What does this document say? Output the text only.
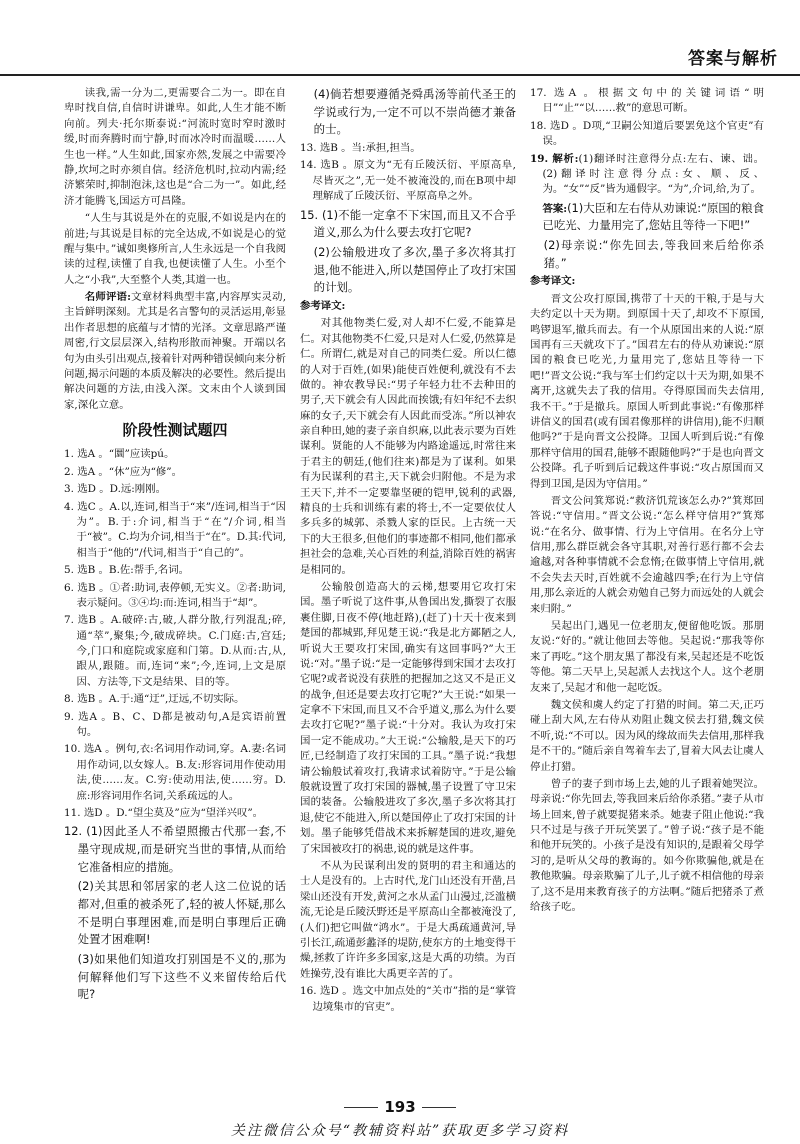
答案与解析

读我,需一分为二,更需要合二为一。即在自卑时找自信,自信时讲谦卑。如此,人生才能不断向前。列夫·托尔斯泰说:“河流时宽时窄时激时缓,时而奔腾时而宁静,时而冰冷时而温暖……人生也一样。”人生如此,国家亦然,发展之中需要冷静,坎坷之时亦须自信。经济危机时,拉动内需;经济繁荣时,抑制泡沫,这也是“合二为一”。如此,经济才能腾飞,国运方可昌隆。

“人生与其说是外在的克服,不如说是内在的前进;与其说是目标的完全达成,不如说是心的觉醒与集中。”诚如奥修所言,人生永远是一个自我阅读的过程,读懂了自我,也便读懂了人生。小至个人之“小我”,大至整个人类,其道一也。

名师评语:文章材料典型丰富,内容厚实灵动,主旨鲜明深刻。尤其是名言警句的灵活运用,彰显出作者思想的底蕴与才情的光泽。文章思路严谨周密,行文层层深入,结构形散而神聚。开端以名句为由头引出观点,接着针对两种错误倾向来分析问题,揭示问题的本质及解决的必要性。然后提出解决问题的方法,由浅入深。文末由个人谈到国家,深化立意。

阶段性测试题四

1. 选A 。“圜”应读pú。

2. 选A 。“休”应为“修”。

3. 选D 。D.远:刚刚。

4. 选C 。A.以,连词,相当于“来”/连词,相当于“因为”。B.于:介词,相当于“在”/介词,相当于“被”。C.均为介词,相当于“在”。D.其:代词,相当于“他的”/代词,相当于“自己的”。

5. 选B 。B.佐:帮手,名词。

6. 选B 。①者:助词,表停顿,无实义。②者:助词,表示疑问。③④均:而:连词,相当于“却”。

7. 选B 。A.破碎:古,破,人群分散,行列混乱;碎,通“萃”,聚集;今,破成碎块。C.门庭:古,宫廷;今,门口和庭院或家庭和门第。D.从而:古,从,跟从,跟随。而,连词“来”;今,连词,上文是原因、方法等,下文是结果、目的等。

8. 选B 。A.于:通“迂”,迂远,不切实际。

9. 选A 。B、C、D都是被动句,A是宾语前置句。

10. 选A 。例句,衣:名词用作动词,穿。A.妻:名词用作动词,以女嫁人。B.友:形容词用作使动用法,使……友。C.穷:使动用法,使……穷。D.庶:形容词用作名词,关系疏远的人。

11. 选D 。D.“望尘莫及”应为“望洋兴叹”。

12. (1)因此圣人不希望照搬古代那一套,不墨守现成规,而是研究当世的事情,从而给它准备相应的措施。

(2)关其思和邻居家的老人这二位说的话都对,但重的被杀死了,轻的被人怀疑,那么不是明白事理困难,而是明白事理后正确处置才困难啊!

(3)如果他们知道攻打别国是不义的,那为何解释他们写下这些不义来留传给后代呢?

(4)倘若想要遵循尧舜禹汤等前代圣王的学说或行为,一定不可以不崇尚德才兼备的士。

13. 选B 。当:承担,担当。

14. 选B 。原文为“无有丘陵沃衍、平原高阜,尽皆灭之”,无一处不被淹没的,而在B项中却理解成了丘陵沃衍、平原高阜之外。

15. (1)不能一定拿不下宋国,而且又不合乎道义,那么为什么要去攻打它呢?

(2)公输般进攻了多次,墨子多次将其打退,他不能进入,所以楚国停止了攻打宋国的计划。

参考译文:

对其他物类仁爱,对人却不仁爱,不能算是仁。对其他物类不仁爱,只是对人仁爱,仍然算是仁。所谓仁,就是对自己的同类仁爱。所以仁德的人对于百姓,(如果)能使百姓便利,就没有不去做的。神农教导民:“男子年轻力壮不去种田的男子,天下就会有人因此而挨饿;有妇年纪不去织麻的女子,天下就会有人因此而受冻。”所以神农亲自种田,她的妻子亲自织麻,以此表示要为百姓谋利。贤能的人不能够为内路途遥远,时常往来于君主的朝廷,(他们往来)都是为了谋利。如果有为民谋利的君主,天下就会归附他。不是为求王天下,并不一定要靠坚硬的铠甲,锐利的武器,精良的士兵和训练有素的将士,不一定要依仗人多兵多的城郭、杀戮人家的臣民。上古统一天下的大王很多,但他们的事迹都不相同,他们都承担社会的急难,关心百姓的利益,消除百姓的祸害是相同的。

公输般创造高大的云梯,想要用它攻打宋国。墨子听说了这件事,从鲁国出发,撕裂了衣服裹住脚,日夜不停(地赶路),(赶了)十天十夜来到楚国的都城郢,拜见楚王说:“我是北方鄙陋之人,听说大王要攻打宋国,确实有这回事吗?”大王说:“对。”墨子说:“是一定能够得到宋国才去攻打它呢?或者说没有获胜的把握加之这又不是正义的战争,但还是要去攻打它呢?”大王说:“如果一定拿不下宋国,而且又不合乎道义,那么为什么要去攻打它呢?”墨子说:“十分对。我认为攻打宋国一定不能成功。”大王说:“公输般,是天下的巧匠,已经制造了攻打宋国的工具。”墨子说:“我想请公输般试着攻打,我请求试着防守。”于是公输般就设置了攻打宋国的器械,墨子设置了守卫宋国的装备。公输般进攻了多次,墨子多次将其打退,使它不能进入,所以楚国停止了攻打宋国的计划。墨子能够凭借战术来拆解楚国的进攻,避免了宋国被攻打的祸患,说的就是这件事。

不从为民谋利出发的贤明的君主和通达的士人是没有的。上古时代,龙门山还没有开凿,吕梁山还没有开发,黄河之水从孟门山漫过,泛滥横流,无论是丘陵沃野还是平原高山全都被淹没了,(人们)把它叫做“鸿水”。于是大禹疏通黄河,导引长江,疏通彭蠡泽的堤防,使东方的土地变得干燥,拯救了许许多多国家,这是大禹的功绩。为百姓操劳,没有谁比大禹更辛苦的了。

16. 选D 。选文中加点处的“关市”指的是“掌管边境集市的官吏”。

17. 选A 。根据文句中的关键词语“明日”“止”“以……救”的意思可断。

18. 选D 。D项,“卫嗣公知道后要罢免这个官吏”有误。

19. 解析:(1)翻译时注意得分点:左右、谏、诎。(2)翻译时注意得分点:女、顺、反、为。“女”“反”皆为通假字。“为”,介词,给,为了。

答案:(1)大臣和左右侍从劝谏说:“原国的粮食已吃光、力量用完了,您姑且等待一下吧!”

(2)母亲说:“你先回去,等我回来后给你杀猪。”

参考译文:

晋文公攻打原国,携带了十天的干粮,于是与大夫约定以十天为期。到原国十天了,却攻不下原国,鸣锣退军,撤兵而去。有一个从原国出来的人说:“原国再有三天就攻下了。”国君左右的侍从劝谏说:“原国的粮食已吃光,力量用完了,您姑且等待一下吧!”晋文公说:“我与军士们约定以十天为期,如果不离开,这就失去了我的信用。夺得原国而失去信用,我不干。”于是撤兵。原国人听到此事说:“有像那样讲信义的国君(或有国君像那样的讲信用),能不归顺他吗?”于是向晋文公投降。卫国人听到后说:“有像那样守信用的国君,能够不跟随他吗?”于是也向晋文公投降。孔子听到后记载这件事说:“攻占原国而又得到卫国,是因为守信用。”

晋文公问箕郑说:“救济饥荒该怎么办?”箕郑回答说:“守信用。”晋文公说:“怎么样守信用?”箕郑说:“在名分、做事情、行为上守信用。在名分上守信用,那么群臣就会各守其职,对善行恶行都不会去逾越,对各种事情就不会怠惰;在做事情上守信用,就不会失去天时,百姓就不会逾越四季;在行为上守信用,那么亲近的人就会劝勉自己努力而远处的人就会来归附。”

吴起出门,遇见一位老朋友,便留他吃饭。那朋友说:“好的。”就让他回去等他。吴起说:“那我等你来了再吃。”这个朋友黑了都没有来,吴起还是不吃饭等他。第二天早上,吴起派人去找这个人。这个老朋友来了,吴起才和他一起吃饭。

魏文侯和虞人约定了打猎的时间。第二天,正巧碰上刮大风,左右侍从劝阻止魏文侯去打猎,魏文侯不听,说:“不可以。因为风的缘故而失去信用,那样我是不干的。”随后亲自驾着车去了,冒着大风去让虞人停止打猎。

曾子的妻子到市场上去,她的儿子跟着她哭泣。母亲说:“你先回去,等我回来后给你杀猪。”妻子从市场上回来,曾子就要捉猪来杀。她妻子阻止他说:“我只不过是与孩子开玩笑罢了。”曾子说:“孩子是不能和他开玩笑的。小孩子是没有知识的,是跟着父母学习的,是听从父母的教诲的。如今你欺骗他,就是在教他欺骗。母亲欺骗了儿子,儿子就不相信他的母亲了,这不是用来教育孩子的方法啊。”随后把猪杀了煮给孩子吃。

193
关注微信公众号“教辅资料站”获取更多学习资料
